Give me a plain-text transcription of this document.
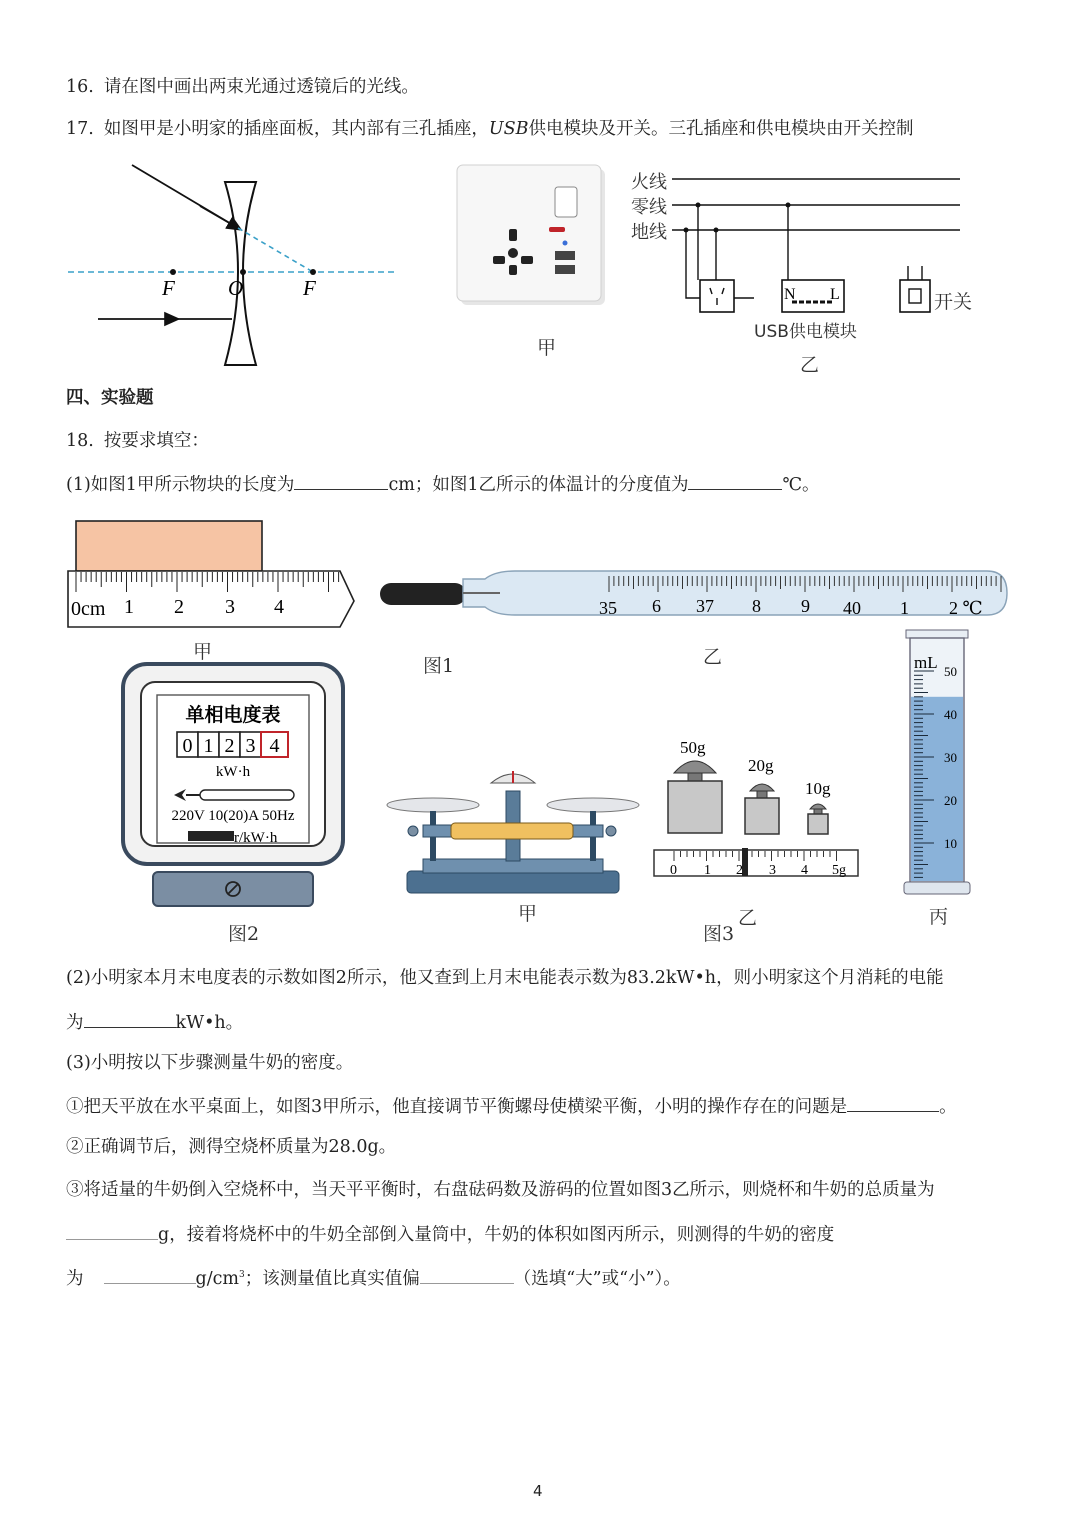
16. 请在图中画出两束光通过透镜后的光线。
17. 如图甲是小明家的插座面板，其内部有三孔插座，USB供电模块及开关。三孔插座和供电模块由开关控制
F	O	F
甲
火线
零线
地线
N L
USB供电模块
开关
乙
四、实验题
18. 按要求填空：
(1)如图1甲所示物块的长度为	cm；如图1乙所示的体温计的分度值为	℃。
0cm 1 2 3 4
甲
图1
35 6 37 8 9 40 1 2 ℃
乙
单相电度表
0 1 2 3 4
kW·h
220V 10(20)A 50Hz
r/kW·h
图2
甲
50g
20g
10g
0 1 2 3 4 5g
乙
图3
mL 50
40
30
20
10
丙
(2)小明家本月末电度表的示数如图2所示，他又查到上月末电能表示数为83.2kW•h，则小明家这个月消耗的电能
为	kW•h。
(3)小明按以下步骤测量牛奶的密度。
①把天平放在水平桌面上，如图3甲所示，他直接调节平衡螺母使横梁平衡，小明的操作存在的问题是	。
②正确调节后，测得空烧杯质量为28.0g。
③将适量的牛奶倒入空烧杯中，当天平平衡时，右盘砝码数及游码的位置如图3乙所示，则烧杯和牛奶的总质量为
g，接着将烧杯中的牛奶全部倒入量筒中，牛奶的体积如图丙所示，则测得的牛奶的密度
为	$g/cm^3$；该测量值比真实值偏	（选填“大”或“小”）。
4
